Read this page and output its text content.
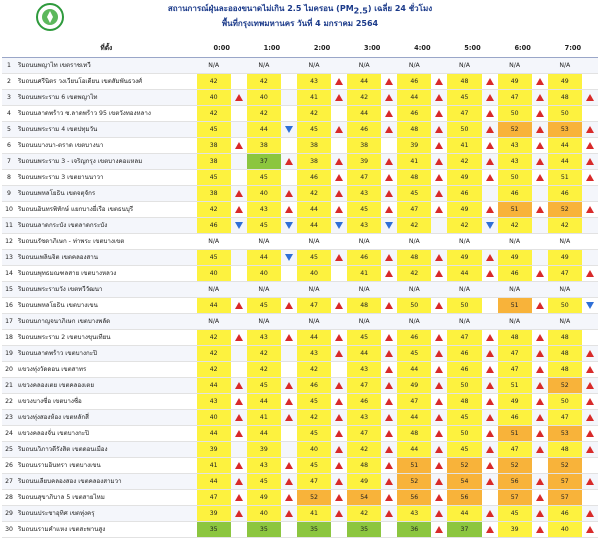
สถานการณ์ฝุ่นละอองขนาดไม่เกิน 2.5 ไมครอน $(PM_{2.5})$ เฉลี่ย 24 ชั่วโมง
พื้นที่กรุงเทพมหานคร วันที่ 4 มกราคม 2564
	ที่ตั้ง	0:00		1:00		2:00		3:00		4:00		5:00		6:00		7:00	
1	ริมถนนพญาไท เขตราชเทวี	N/A		N/A		N/A		N/A		N/A		N/A		N/A		N/A	
2	ริมถนนศรีนิตร วงเวียนโอเดียน เขตสัมพันธวงศ์	42		42		43		44		46		48		49		49	
3	ริมถนนพระราม 6 เขตพญาไท	40		40		41		42		44		45		47		48	
4	ริมถนนลาดพร้าว ซ.ลาดพร้าว 95 เขตวังทองหลาง	42		42		42		44		46		47		50		50	
5	ริมถนนพระราม 4 เขตปทุมวัน	45		44		45		46		48		50		52		53	
6	ริมถนนบางนา-ตราด เขตบางนา	38		38		38		38		39		41		43		44	
7	ริมถนนพระราม 3 - เจริญกรุง เขตบางคอแหลม	38		37		38		39		41		42		43		44	
8	ริมถนนพระราม 3 เขตยานนาวา	45		45		46		47		48		49		50		51	
9	ริมถนนพหลโยธิน เขตจตุจักร	38		40		42		43		45		46		46		46	
10	ริมถนนอินทรพิทักษ์ แยกบางยี่เรือ เขตธนบุรี	42		43		44		45		47		49		51		52	
11	ริมถนนลาดกระบัง เขตลาดกระบัง	46		45		44		43		42		42		42		42	
12	ริมถนนรัชดาภิเษก - ท่าพระ เขตบางเขต	N/A		N/A		N/A		N/A		N/A		N/A		N/A		N/A	
13	ริมถนนเพลินจิต เขตคลองสาน	45		44		45		46		48		49		49		49	
14	ริมถนนพุทธมณฑลสาย เขตบางหลวง	40		40		40		41		42		44		46		47	
15	ริมถนนพระรามวัง เขตทวีวัฒนา	N/A		N/A		N/A		N/A		N/A		N/A		N/A		N/A	
16	ริมถนนพหลโยธิน เขตบางเขน	44		45		47		48		50		50		51		50	
17	ริมถนนกาญจนาภิเษก เขตบางพลัด	N/A		N/A		N/A		N/A		N/A		N/A		N/A		N/A	
18	ริมถนนพระราม 2 เขตบางขุนเทียน	42		43		44		45		46		47		48		48	
19	ริมถนนลาดพร้าว เขตบางกะปิ	42		42		43		44		45		46		47		48	
20	แขวงทุ่งวัดดอน เขตสาทร	42		42		42		43		44		46		47		48	
21	แขวงคลองเตย เขตคลองเตย	44		45		46		47		49		50		51		52	
22	แขวงบางซื่อ เขตบางซื่อ	43		44		45		46		47		48		49		50	
23	แขวงทุ่งสองห้อง เขตหลักสี่	40		41		42		43		44		45		46		47	
24	แขวงคลองจั่น เขตบางกะปิ	44		44		45		47		48		50		51		53	
25	ริมถนนวิภาวดีรังสิต เขตดอนเมือง	39		39		40		42		44		45		47		48	
26	ริมถนนรามอินทรา เขตบางเขน	41		43		45		48		51		52		52		52	
27	ริมถนนเลียบคลองสอง เขตคลองสามวา	44		45		47		49		52		54		56		57	
28	ริมถนนสุขาภิบาล 5 เขตสายไหม	47		49		52		54		56		56		57		57	
29	ริมถนนประชาอุทิศ เขตทุ่งครุ	39		40		41		42		43		44		45		46	
30	ริมถนนรามคำแหง เขตสะพานสูง	35		35		35		35		36		37		39		40	
